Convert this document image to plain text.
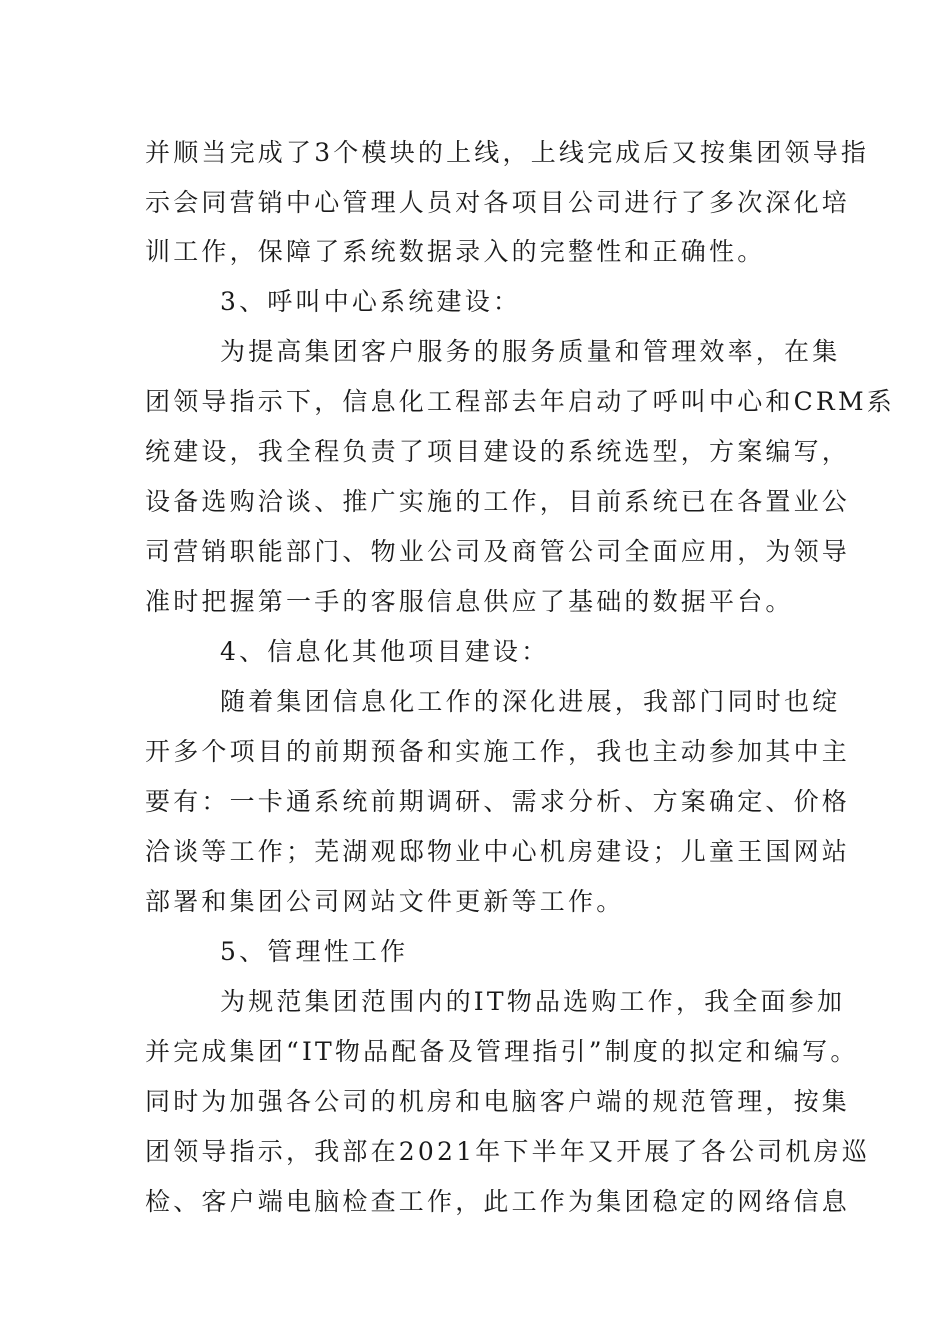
并顺当完成了3个模块的上线，上线完成后又按集团领导指
示会同营销中心管理人员对各项目公司进行了多次深化培
训工作，保障了系统数据录入的完整性和正确性。
3、呼叫中心系统建设：
为提高集团客户服务的服务质量和管理效率，在集
团领导指示下，信息化工程部去年启动了呼叫中心和CRM系
统建设，我全程负责了项目建设的系统选型，方案编写，
设备选购洽谈、推广实施的工作，目前系统已在各置业公
司营销职能部门、物业公司及商管公司全面应用，为领导
准时把握第一手的客服信息供应了基础的数据平台。
4、信息化其他项目建设：
随着集团信息化工作的深化进展，我部门同时也绽
开多个项目的前期预备和实施工作，我也主动参加其中主
要有：一卡通系统前期调研、需求分析、方案确定、价格
洽谈等工作；芜湖观邸物业中心机房建设；儿童王国网站
部署和集团公司网站文件更新等工作。
5、管理性工作
为规范集团范围内的IT物品选购工作，我全面参加
并完成集团“IT物品配备及管理指引”制度的拟定和编写。
同时为加强各公司的机房和电脑客户端的规范管理，按集
团领导指示，我部在2021年下半年又开展了各公司机房巡
检、客户端电脑检查工作，此工作为集团稳定的网络信息
